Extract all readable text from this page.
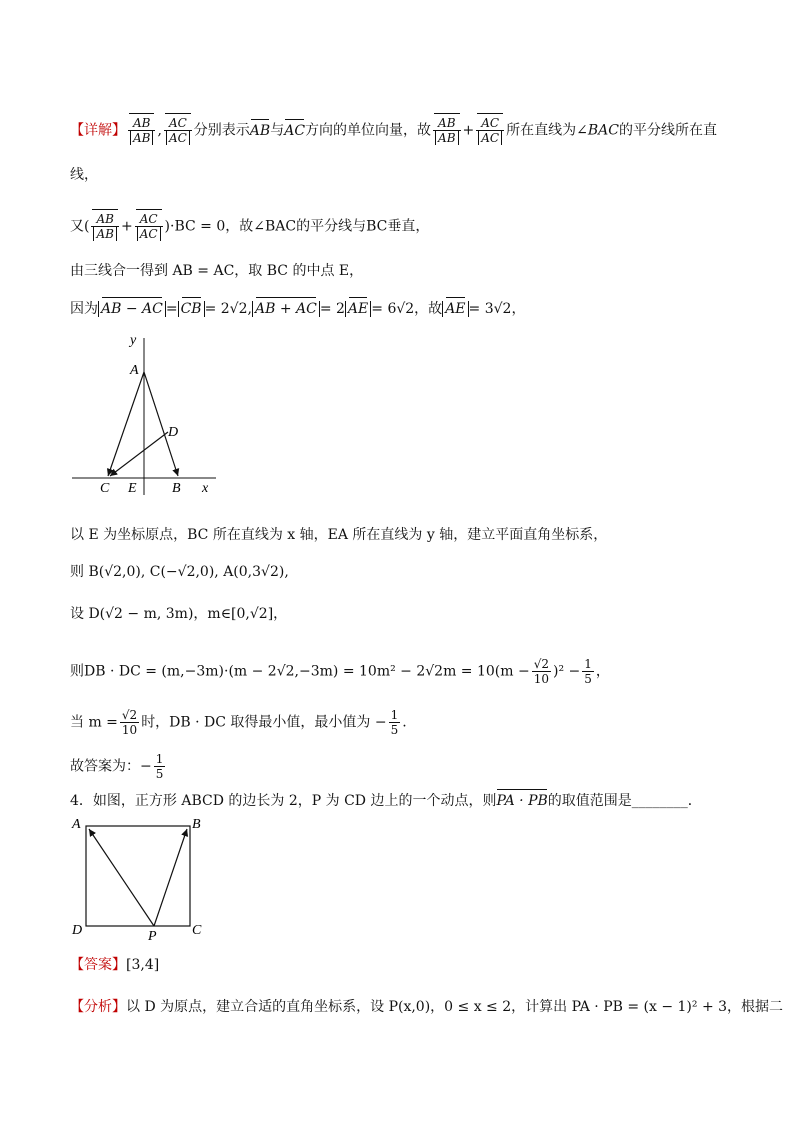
【详解】 $\frac{AB}{AB}$ , $\frac{AC}{AC}$ 分别表示AB与AC方向的单位向量，故 $\frac{AB}{AB} + \frac{AC}{AC}$ 所在直线为∠BAC的平分线所在直
线，
又( $\frac{AB}{AB} + \frac{AC}{AC} )\cdot BC = 0$，故∠BAC的平分线与BC垂直，
由三线合一得到 AB = AC，取 BC 的中点 E，
因为 AB − AC = CB = 2√2, AB + AC = 2 AE = 6√2，故 AE = 3√2，
y
A
D
x
C E	B
以 E 为坐标原点，BC 所在直线为 x 轴，EA 所在直线为 y 轴，建立平面直角坐标系，
则 B(√2,0), C(−√2,0), A(0,3√2),
设 D(√2 − m, 3m)，m∈[0,√2]，
则DB · DC = $(m,-3m)\cdot(m - 2√2,-3m) = 10m^2 - 2√2m = 10(m - \frac{√2}{10} )^2 - \frac{1}{5}$ ，
当 $m = \frac{√2}{10}$ 时，DB · DC 取得最小值，最小值为 − $\frac{1}{5}$ .
故答案为：− $\frac{1}{5}$
4．如图，正方形 ABCD 的边长为 2，P 为 CD 边上的一个动点，则PA · PB的取值范围是________．
A	B
D	C
P
【答案】[3,4]
【分析】以 D 为原点，建立合适的直角坐标系，设 P(x,0)，0 ≤ x ≤ 2，计算出 PA · PB = (x − 1)² + 3，根据二
